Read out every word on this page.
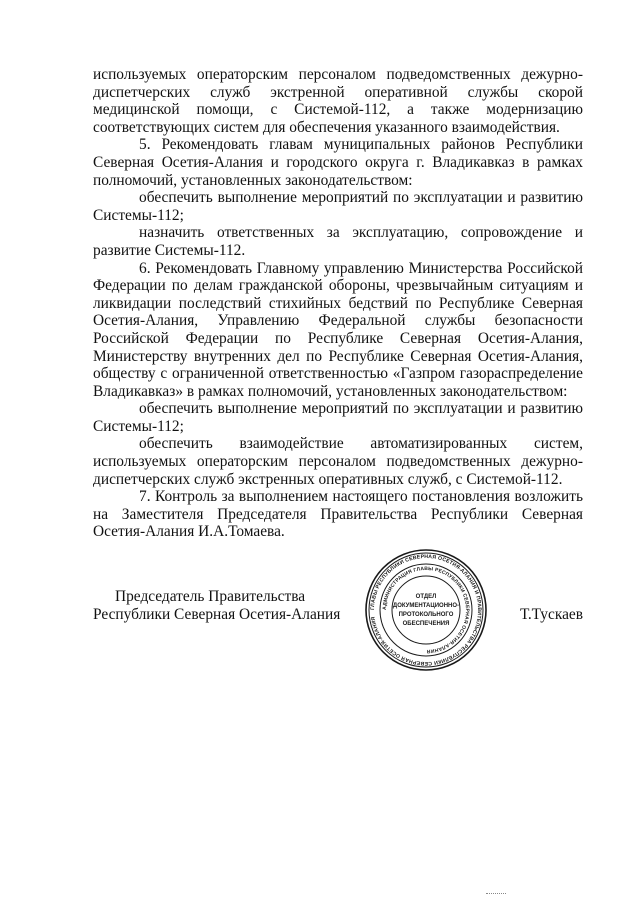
используемых операторским персоналом подведомственных дежурно-диспетчерских служб экстренной оперативной службы скорой медицинской помощи, с Системой-112, а также модернизацию соответствующих систем для обеспечения указанного взаимодействия.

5. Рекомендовать главам муниципальных районов Республики Северная Осетия-Алания и городского округа г. Владикавказ в рамках полномочий, установленных законодательством:

обеспечить выполнение мероприятий по эксплуатации и развитию Системы-112;

назначить ответственных за эксплуатацию, сопровождение и развитие Системы-112.

6. Рекомендовать Главному управлению Министерства Российской Федерации по делам гражданской обороны, чрезвычайным ситуациям и ликвидации последствий стихийных бедствий по Республике Северная Осетия-Алания, Управлению Федеральной службы безопасности Российской Федерации по Республике Северная Осетия-Алания, Министерству внутренних дел по Республике Северная Осетия-Алания, обществу с ограниченной ответственностью «Газпром газораспределение Владикавказ» в рамках полномочий, установленных законодательством:

обеспечить выполнение мероприятий по эксплуатации и развитию Системы-112;

обеспечить взаимодействие автоматизированных систем, используемых операторским персоналом подведомственных дежурно-диспетчерских служб экстренных оперативных служб, с Системой-112.

7. Контроль за выполнением настоящего постановления возложить на Заместителя Председателя Правительства Республики Северная Осетия-Алания И.А.Томаева.

Председатель Правительства
Республики Северная Осетия-Алания	Т.Тускаев
ГЛАВЫ РЕСПУБЛИКИ СЕВЕРНАЯ ОСЕТИЯ-АЛАНИЯ И ПРАВИТЕЛЬСТВА РЕСПУБЛИКИ СЕВЕРНАЯ ОСЕТИЯ-АЛАНИЯ
АДМИНИСТРАЦИЯ ГЛАВЫ РЕСПУБЛИКИ СЕВЕРНАЯ ОСЕТИЯ-АЛАНИЯ
ОТДЕЛ
ДОКУМЕНТАЦИОННО-
ПРОТОКОЛЬНОГО
ОБЕСПЕЧЕНИЯ
